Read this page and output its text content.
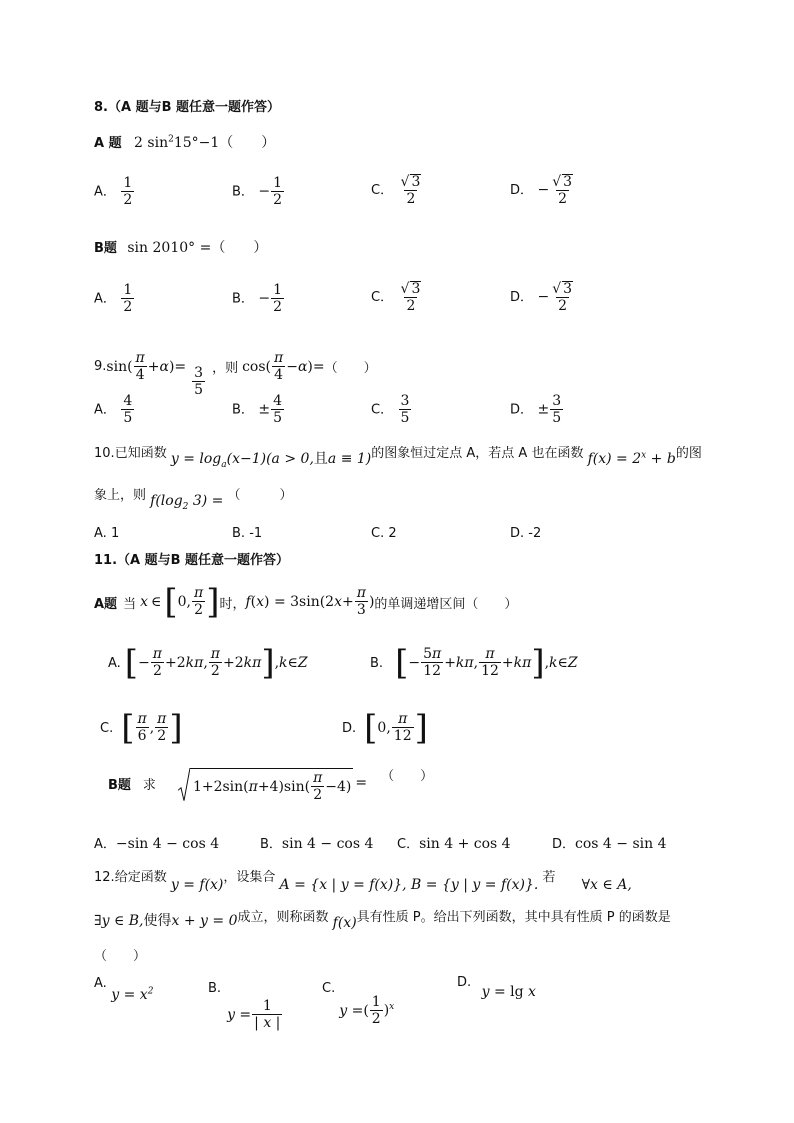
8.（A 题与B 题任意一题作答）
A 题 2 $\sin^215^\circ-1$（　　）
A． $\frac{1}{2}$	B． − $\frac{1}{2}$	C． $\frac{√ 3}{2}$	D． − $\frac{√ 3}{2}$
B题 sin 2010° =（　　）
A． $\frac{1}{2}$	B． − $\frac{1}{2}$	C． $\frac{√ 3}{2}$	D． − $\frac{√ 3}{2}$
9. $\sin( \frac{\pi}{4} +\alpha)= \frac{3}{5}$ ，则 $\cos( \frac{\pi}{4} -\alpha)=$ （　　）
A． $\frac{4}{5}$	B． ± $\frac{4}{5}$	C． $\frac{3}{5}$	D． ± $\frac{3}{5}$
10.已知函数 $y = \log_a(x-1)(a > 0$,且a ≡ 1)的图象恒过定点 A，若点 A 也在函数 $f(x) = 2^x + b$的图
象上，则 $f(\log_2$ 3) = （　　　）
A. 1	B. -1	C. 2	D. -2
11.（A 题与B 题任意一题作答）
A题 当 x ∈ [ 0, $\frac{\pi}{2}$ ] 时， f ( x ) = 3sin(2 $x + \frac{\pi}{3}$ ) 的单调递增区间（　　）
A. [ − $\frac{\pi}{2} +2k\pi$, $\frac{\pi}{2} +2k\pi$ ] ,k∈Z	B. [ − $\frac{5\pi}{12} +k\pi$, $\frac{\pi}{12} +k\pi$ ] ,k∈Z
C. [ $\frac{\pi}{6}$ , $\frac{\pi}{2}$ ]	D. [ 0, $\frac{\pi}{12}$ ]
B题 求	$1+2\sin(\pi+4)\sin( \frac{\pi}{2} -4)$ = （　　）
A．−sin 4 − cos 4	B．sin 4 − cos 4 C．sin 4 + cos 4	D．cos 4 − sin 4
12.给定函数 y = f(x)，设集合 A = {x | y = f(x)}, B = {y | y = f(x)}. 若 ∀x ∈ A,
∃y ∈ B,使得x + y = 0成立，则称函数 f(x)具有性质 P。给出下列函数，其中具有性质 P 的函数是
（　　）
A. $y = x^2$	B.
$y = \frac{1}{| x |}$
C.
y = ( $\frac{1}{2} )^x$
D. y = lg x
